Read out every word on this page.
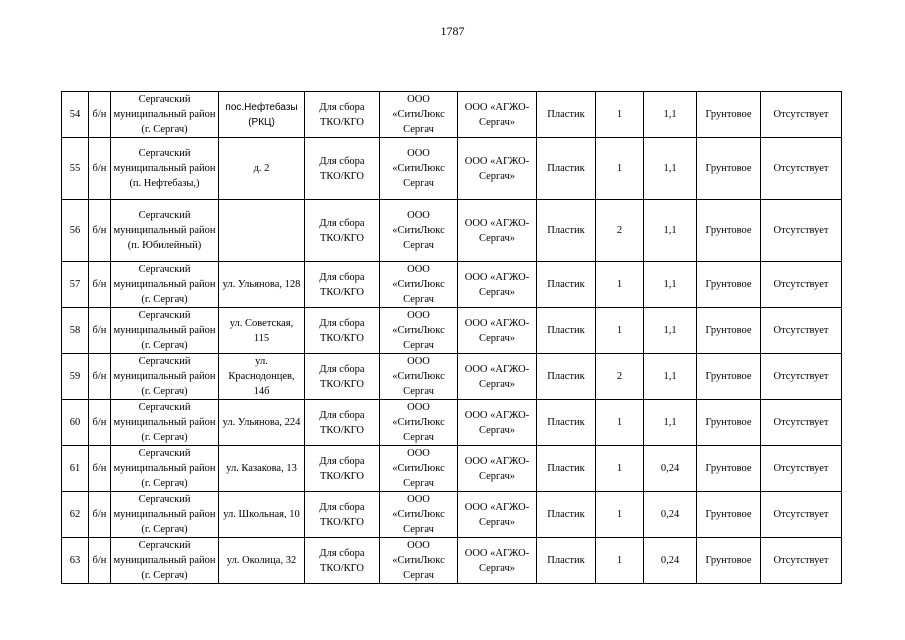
1787
54	б/н	Сергачский муниципальный район (г. Сергач)	пос.Нефтебазы (РКЦ)	Для сбора ТКО/КГО	ООО «СитиЛюкс Сергач	ООО «АГЖО-Сергач»	Пластик	1	1,1	Грунтовое	Отсутствует
55	б/н	Сергачский муниципальный район (п. Нефтебазы,)	д. 2	Для сбора ТКО/КГО	ООО «СитиЛюкс Сергач	ООО «АГЖО-Сергач»	Пластик	1	1,1	Грунтовое	Отсутствует
56	б/н	Сергачский муниципальный район (п. Юбилейный)		Для сбора ТКО/КГО	ООО «СитиЛюкс Сергач	ООО «АГЖО-Сергач»	Пластик	2	1,1	Грунтовое	Отсутствует
57	б/н	Сергачский муниципальный район (г. Сергач)	ул. Ульянова, 128	Для сбора ТКО/КГО	ООО «СитиЛюкс Сергач	ООО «АГЖО-Сергач»	Пластик	1	1,1	Грунтовое	Отсутствует
58	б/н	Сергачский муниципальный район (г. Сергач)	ул. Советская, 115	Для сбора ТКО/КГО	ООО «СитиЛюкс Сергач	ООО «АГЖО-Сергач»	Пластик	1	1,1	Грунтовое	Отсутствует
59	б/н	Сергачский муниципальный район (г. Сергач)	ул. Краснодонцев, 14б	Для сбора ТКО/КГО	ООО «СитиЛюкс Сергач	ООО «АГЖО-Сергач»	Пластик	2	1,1	Грунтовое	Отсутствует
60	б/н	Сергачский муниципальный район (г. Сергач)	ул. Ульянова, 224	Для сбора ТКО/КГО	ООО «СитиЛюкс Сергач	ООО «АГЖО-Сергач»	Пластик	1	1,1	Грунтовое	Отсутствует
61	б/н	Сергачский муниципальный район (г. Сергач)	ул. Казакова, 13	Для сбора ТКО/КГО	ООО «СитиЛюкс Сергач	ООО «АГЖО-Сергач»	Пластик	1	0,24	Грунтовое	Отсутствует
62	б/н	Сергачский муниципальный район (г. Сергач)	ул. Школьная, 10	Для сбора ТКО/КГО	ООО «СитиЛюкс Сергач	ООО «АГЖО-Сергач»	Пластик	1	0,24	Грунтовое	Отсутствует
63	б/н	Сергачский муниципальный район (г. Сергач)	ул. Околица, 32	Для сбора ТКО/КГО	ООО «СитиЛюкс Сергач	ООО «АГЖО-Сергач»	Пластик	1	0,24	Грунтовое	Отсутствует
